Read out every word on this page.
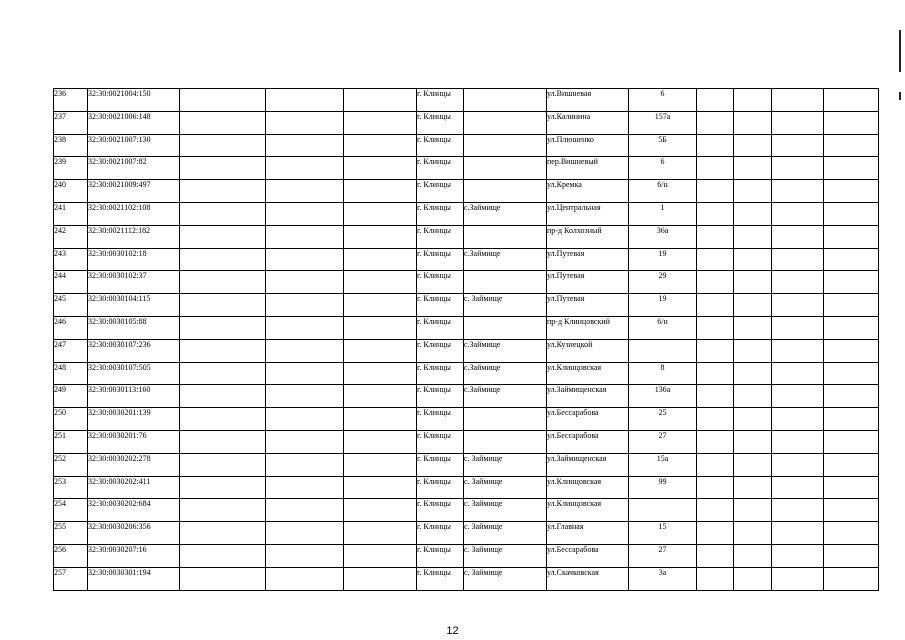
236	32:30:0021004:150				г. Клинцы		ул.Вишневая	6				
237	32:30:0021006:148				г. Клинцы		ул.Калинина	157а				
238	32:30:0021007:130				г. Клинцы		ул.Плюшенко	5Б				
239	32:30:0021007:82				г. Клинцы		пер.Вишневый	6				
240	32:30:0021009:497				г. Клинцы		ул.Кремка	6/н				
241	32:30:0021102:108				г. Клинцы	с.Займище	ул.Центральная	1				
242	32:30:0021112:182				г. Клинцы		пр-д Колхозный	36а				
243	32:30:0030102:18				г. Клинцы	с.Займище	ул.Путевая	19				
244	32:30:0030102:37				г. Клинцы		ул.Путевая	29				
245	32:30:0030104:115				г. Клинцы	с. Займище	ул.Путевая	19				
246	32:30:0030105:88				г. Клинцы		пр-д Клинцовский	6/н				
247	32:30:0030107:236				г. Клинцы	с.Займище	ул.Кузнецкой					
248	32:30:0030107:505				г. Клинцы	с.Займище	ул.Клинцовская	8				
249	32:30:0030113:160				г. Клинцы	с.Займище	ул.Займищенская	136а				
250	32:30:0030201:139				г. Клинцы		ул.Бессарабова	25				
251	32:30:0030201:76				г. Клинцы		ул.Бессарабова	27				
252	32:30:0030202:278				г. Клинцы	с. Займище	ул.Займищенская	15а				
253	32:30:0030202:411				г. Клинцы	с. Займище	ул.Клинцовская	99				
254	32:30:0030202:684				г. Клинцы	с. Займище	ул.Клинцовская					
255	32:30:0030206:356				г. Клинцы	с. Займище	ул.Главная	15				
256	32:30:0030207:16				г. Клинцы	с. Займище	ул.Бессарабова	27				
257	32:30:0030301:194				г. Клинцы	с. Займище	ул.Скачковская	3а				
12
